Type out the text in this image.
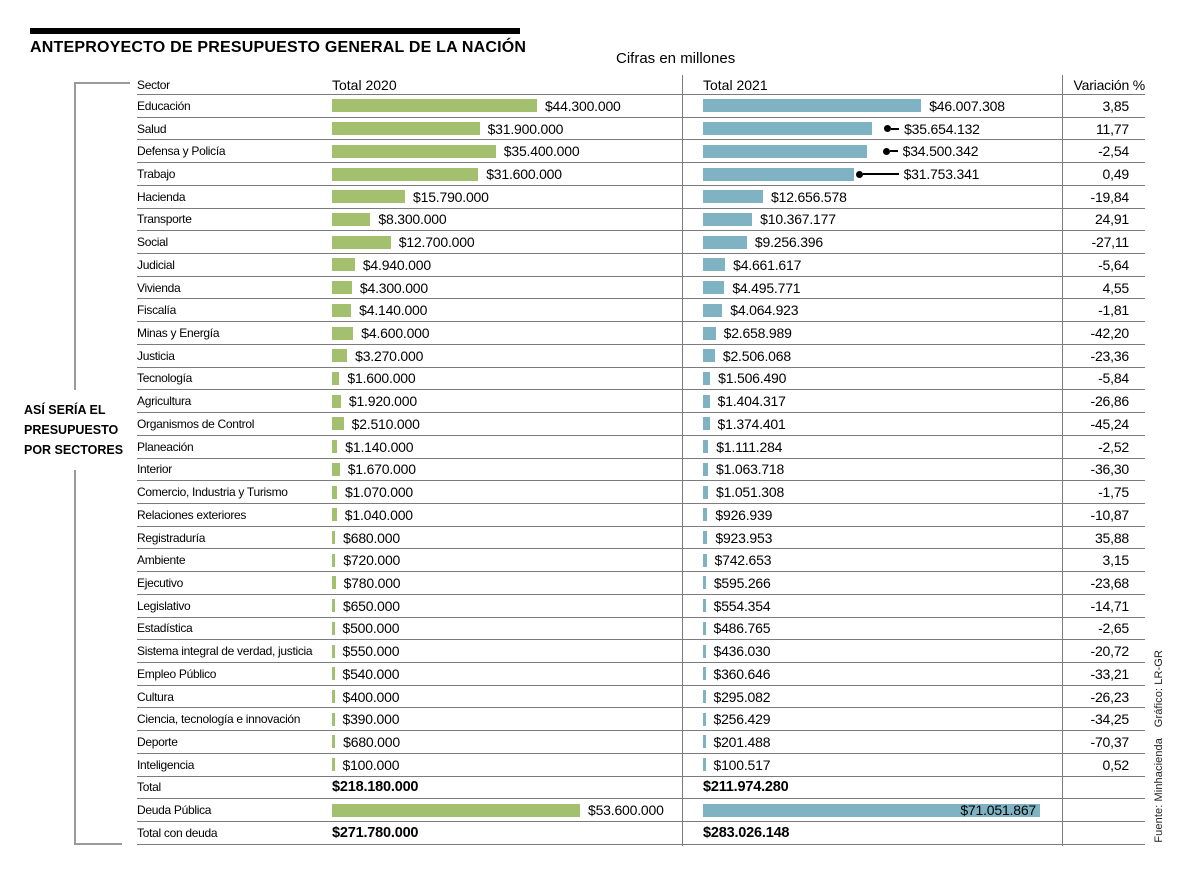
ANTEPROYECTO DE PRESUPUESTO GENERAL DE LA NACIÓN
Cifras en millones
ASÍ SERÍA EL
PRESUPUESTO
POR SECTORES
Sector	Total 2020	Total 2021	Variación %
Educación	$44.300.000	$46.007.308	3,85
Salud	$31.900.000	$35.654.132	11,77
Defensa y Policía	$35.400.000	$34.500.342	-2,54
Trabajo	$31.600.000	$31.753.341	0,49
Hacienda	$15.790.000	$12.656.578	-19,84
Transporte	$8.300.000	$10.367.177	24,91
Social	$12.700.000	$9.256.396	-27,11
Judicial	$4.940.000	$4.661.617	-5,64
Vivienda	$4.300.000	$4.495.771	4,55
Fiscalía	$4.140.000	$4.064.923	-1,81
Minas y Energía	$4.600.000	$2.658.989	-42,20
Justicia	$3.270.000	$2.506.068	-23,36
Tecnología	$1.600.000	$1.506.490	-5,84
Agricultura	$1.920.000	$1.404.317	-26,86
Organismos de Control	$2.510.000	$1.374.401	-45,24
Planeación	$1.140.000	$1.111.284	-2,52
Interior	$1.670.000	$1.063.718	-36,30
Comercio, Industria y Turismo	$1.070.000	$1.051.308	-1,75
Relaciones exteriores	$1.040.000	$926.939	-10,87
Registraduría	$680.000	$923.953	35,88
Ambiente	$720.000	$742.653	3,15
Ejecutivo	$780.000	$595.266	-23,68
Legislativo	$650.000	$554.354	-14,71
Estadística	$500.000	$486.765	-2,65
Sistema integral de verdad, justicia	$550.000	$436.030	-20,72
Empleo Público	$540.000	$360.646	-33,21
Cultura	$400.000	$295.082	-26,23
Ciencia, tecnología e innovación	$390.000	$256.429	-34,25
Deporte	$680.000	$201.488	-70,37
Inteligencia	$100.000	$100.517	0,52
Total	$218.180.000	$211.974.280
Deuda Pública	$53.600.000	$71.051.867
Total con deuda	$271.780.000	$283.026.148
Gráfico: LR-GR
Fuente: Minhacienda
